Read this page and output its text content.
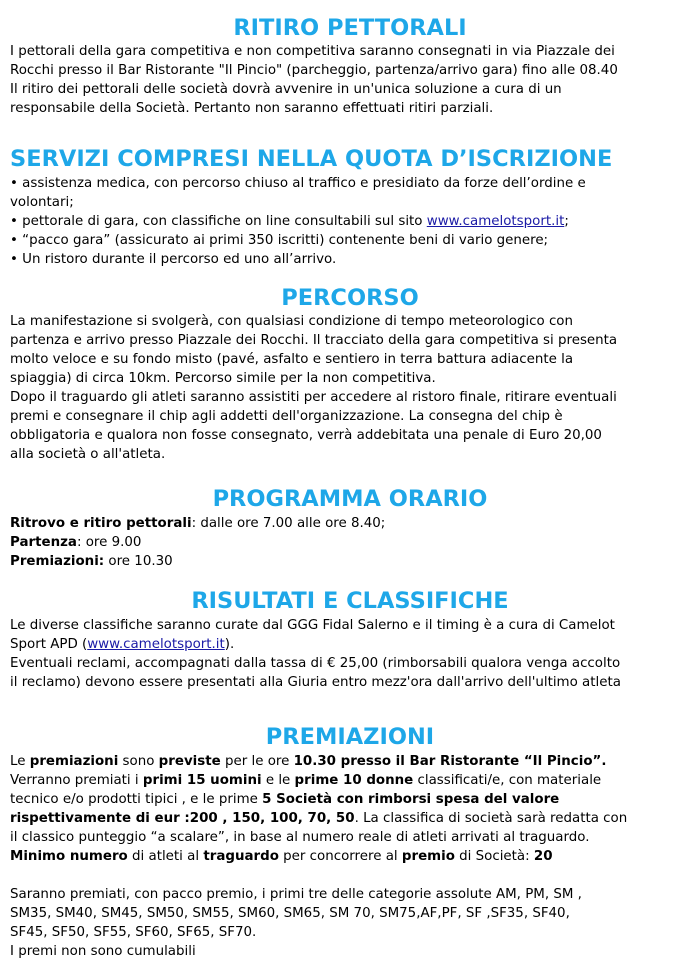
RITIRO PETTORALI

I pettorali della gara competitiva e non competitiva saranno consegnati in via Piazzale dei

Rocchi presso il Bar Ristorante "Il Pincio" (parcheggio, partenza/arrivo gara) fino alle 08.40

Il ritiro dei pettorali delle società dovrà avvenire in un'unica soluzione a cura di un

responsabile della Società. Pertanto non saranno effettuati ritiri parziali.

SERVIZI COMPRESI NELLA QUOTA D’ISCRIZIONE

• assistenza medica, con percorso chiuso al traffico e presidiato da forze dell’ordine e

volontari;

• pettorale di gara, con classifiche on line consultabili sul sito www.camelotsport.it;

• “pacco gara” (assicurato ai primi 350 iscritti) contenente beni di vario genere;

• Un ristoro durante il percorso ed uno all’arrivo.

PERCORSO

La manifestazione si svolgerà, con qualsiasi condizione di tempo meteorologico con

partenza e arrivo presso Piazzale dei Rocchi. Il tracciato della gara competitiva si presenta

molto veloce e su fondo misto (pavé, asfalto e sentiero in terra battura adiacente la

spiaggia) di circa 10km. Percorso simile per la non competitiva.

Dopo il traguardo gli atleti saranno assistiti per accedere al ristoro finale, ritirare eventuali

premi e consegnare il chip agli addetti dell'organizzazione. La consegna del chip è

obbligatoria e qualora non fosse consegnato, verrà addebitata una penale di Euro 20,00

alla società o all'atleta.

PROGRAMMA ORARIO

Ritrovo e ritiro pettorali: dalle ore 7.00 alle ore 8.40;

Partenza: ore 9.00

Premiazioni: ore 10.30

RISULTATI E CLASSIFICHE

Le diverse classifiche saranno curate dal GGG Fidal Salerno e il timing è a cura di Camelot

Sport APD (www.camelotsport.it).

Eventuali reclami, accompagnati dalla tassa di € 25,00 (rimborsabili qualora venga accolto

il reclamo) devono essere presentati alla Giuria entro mezz'ora dall'arrivo dell'ultimo atleta

PREMIAZIONI

Le premiazioni sono previste per le ore 10.30 presso il Bar Ristorante “Il Pincio”.

Verranno premiati i primi 15 uomini e le prime 10 donne classificati/e, con materiale

tecnico e/o prodotti tipici , e le prime 5 Società con rimborsi spesa del valore

rispettivamente di eur :200 , 150, 100, 70, 50. La classifica di società sarà redatta con

il classico punteggio “a scalare”, in base al numero reale di atleti arrivati al traguardo.

Minimo numero di atleti al traguardo per concorrere al premio di Società: 20

Saranno premiati, con pacco premio, i primi tre delle categorie assolute AM, PM, SM ,

SM35, SM40, SM45, SM50, SM55, SM60, SM65, SM 70, SM75,AF,PF, SF ,SF35, SF40,

SF45, SF50, SF55, SF60, SF65, SF70.

I premi non sono cumulabili
